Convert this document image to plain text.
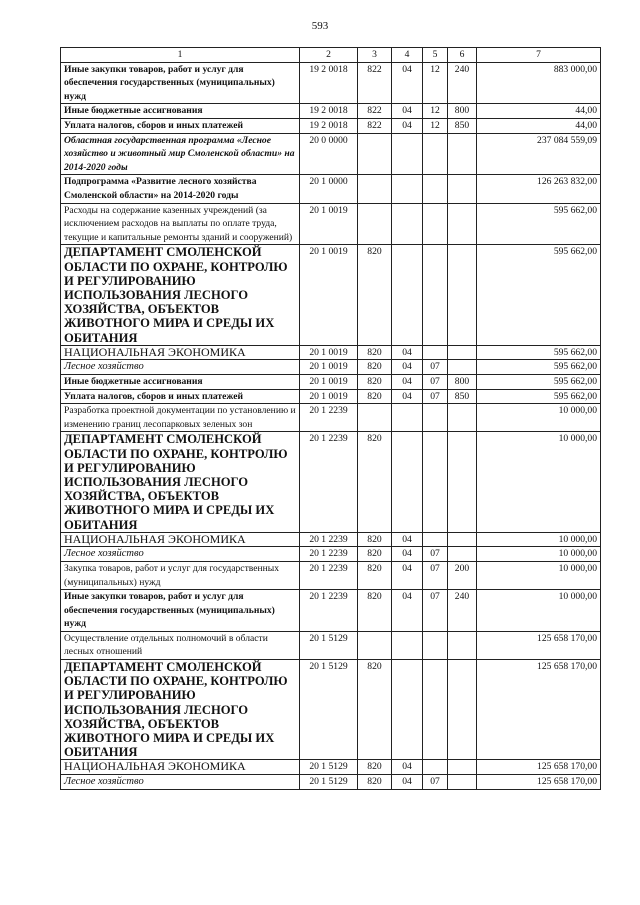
593
1	2	3	4	5	6	7
Иные закупки товаров, работ и услуг для обеспечения государственных (муниципальных) нужд	19 2 0018	822	04	12	240	883 000,00
Иные бюджетные ассигнования	19 2 0018	822	04	12	800	44,00
Уплата налогов, сборов и иных платежей	19 2 0018	822	04	12	850	44,00
Областная государственная программа «Лесное хозяйство и животный мир Смоленской области» на 2014-2020 годы	20 0 0000					237 084 559,09
Подпрограмма «Развитие лесного хозяйства Смоленской области» на 2014-2020 годы	20 1 0000					126 263 832,00
Расходы на содержание казенных учреждений (за исключением расходов на выплаты по оплате труда, текущие и капитальные ремонты зданий и сооружений)	20 1 0019					595 662,00
ДЕПАРТАМЕНТ СМОЛЕНСКОЙ ОБЛАСТИ ПО ОХРАНЕ, КОНТРОЛЮ И РЕГУЛИРОВАНИЮ ИСПОЛЬЗОВАНИЯ ЛЕСНОГО ХОЗЯЙСТВА, ОБЪЕКТОВ ЖИВОТНОГО МИРА И СРЕДЫ ИХ ОБИТАНИЯ	20 1 0019	820				595 662,00
НАЦИОНАЛЬНАЯ ЭКОНОМИКА	20 1 0019	820	04			595 662,00
Лесное хозяйство	20 1 0019	820	04	07		595 662,00
Иные бюджетные ассигнования	20 1 0019	820	04	07	800	595 662,00
Уплата налогов, сборов и иных платежей	20 1 0019	820	04	07	850	595 662,00
Разработка проектной документации по установлению и изменению границ лесопарковых зеленых зон	20 1 2239					10 000,00
ДЕПАРТАМЕНТ СМОЛЕНСКОЙ ОБЛАСТИ ПО ОХРАНЕ, КОНТРОЛЮ И РЕГУЛИРОВАНИЮ ИСПОЛЬЗОВАНИЯ ЛЕСНОГО ХОЗЯЙСТВА, ОБЪЕКТОВ ЖИВОТНОГО МИРА И СРЕДЫ ИХ ОБИТАНИЯ	20 1 2239	820				10 000,00
НАЦИОНАЛЬНАЯ ЭКОНОМИКА	20 1 2239	820	04			10 000,00
Лесное хозяйство	20 1 2239	820	04	07		10 000,00
Закупка товаров, работ и услуг для государственных (муниципальных) нужд	20 1 2239	820	04	07	200	10 000,00
Иные закупки товаров, работ и услуг для обеспечения государственных (муниципальных) нужд	20 1 2239	820	04	07	240	10 000,00
Осуществление отдельных полномочий в области лесных отношений	20 1 5129					125 658 170,00
ДЕПАРТАМЕНТ СМОЛЕНСКОЙ ОБЛАСТИ ПО ОХРАНЕ, КОНТРОЛЮ И РЕГУЛИРОВАНИЮ ИСПОЛЬЗОВАНИЯ ЛЕСНОГО ХОЗЯЙСТВА, ОБЪЕКТОВ ЖИВОТНОГО МИРА И СРЕДЫ ИХ ОБИТАНИЯ	20 1 5129	820				125 658 170,00
НАЦИОНАЛЬНАЯ ЭКОНОМИКА	20 1 5129	820	04			125 658 170,00
Лесное хозяйство	20 1 5129	820	04	07		125 658 170,00
